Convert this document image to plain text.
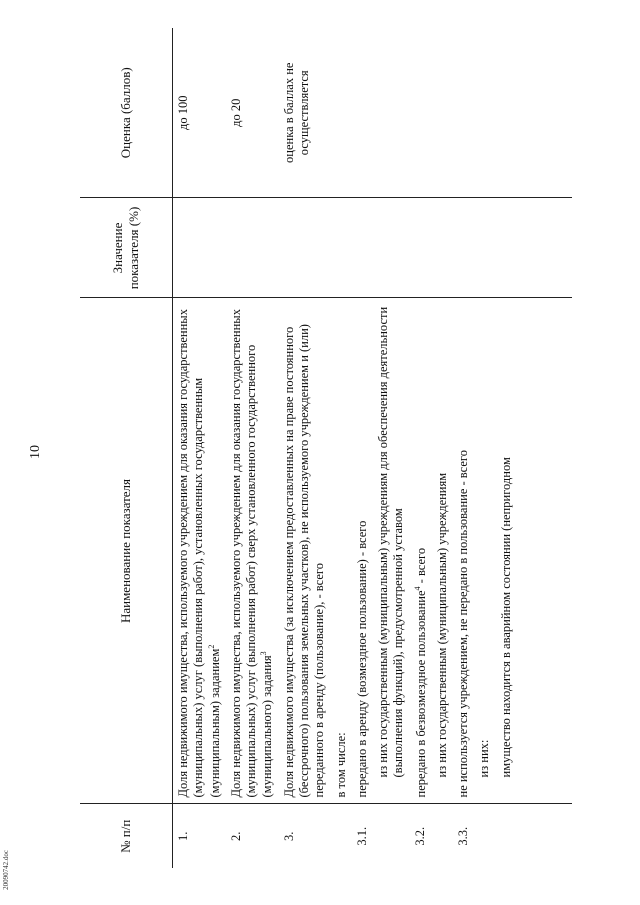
10
20090742.doc
№ п/п	Наименование показателя	Значение показателя (%)	Оценка (баллов)
1.	Доля недвижимого имущества, используемого учреждением для оказания государственных (муниципальных) услуг (выполнения работ), установленных государственным (муниципальным) заданием$^2$		до 100
2.	Доля недвижимого имущества, используемого учреждением для оказания государственных (муниципальных) услуг (выполнения работ) сверх установленного государственного (муниципального) задания$^3$		до 20
3.	Доля недвижимого имущества (за исключением предоставленных на праве постоянного (бессрочного) пользования земельных участков), не используемого учреждением и (или) переданного в аренду (пользование), - всего		оценка в баллах не осуществляется
	в том числе:		
3.1.	передано в аренду (возмездное пользование) - всего		
	из них государственным (муниципальным) учреждениям для обеспечения деятельности (выполнения функций), предусмотренной уставом		
3.2.	передано в безвозмездное пользование$^4$ - всего		
	из них государственным (муниципальным) учреждениям		
3.3.	не используется учреждением, не передано в пользование - всего		
	из них:		
	имущество находится в аварийном состоянии (непригодном		
